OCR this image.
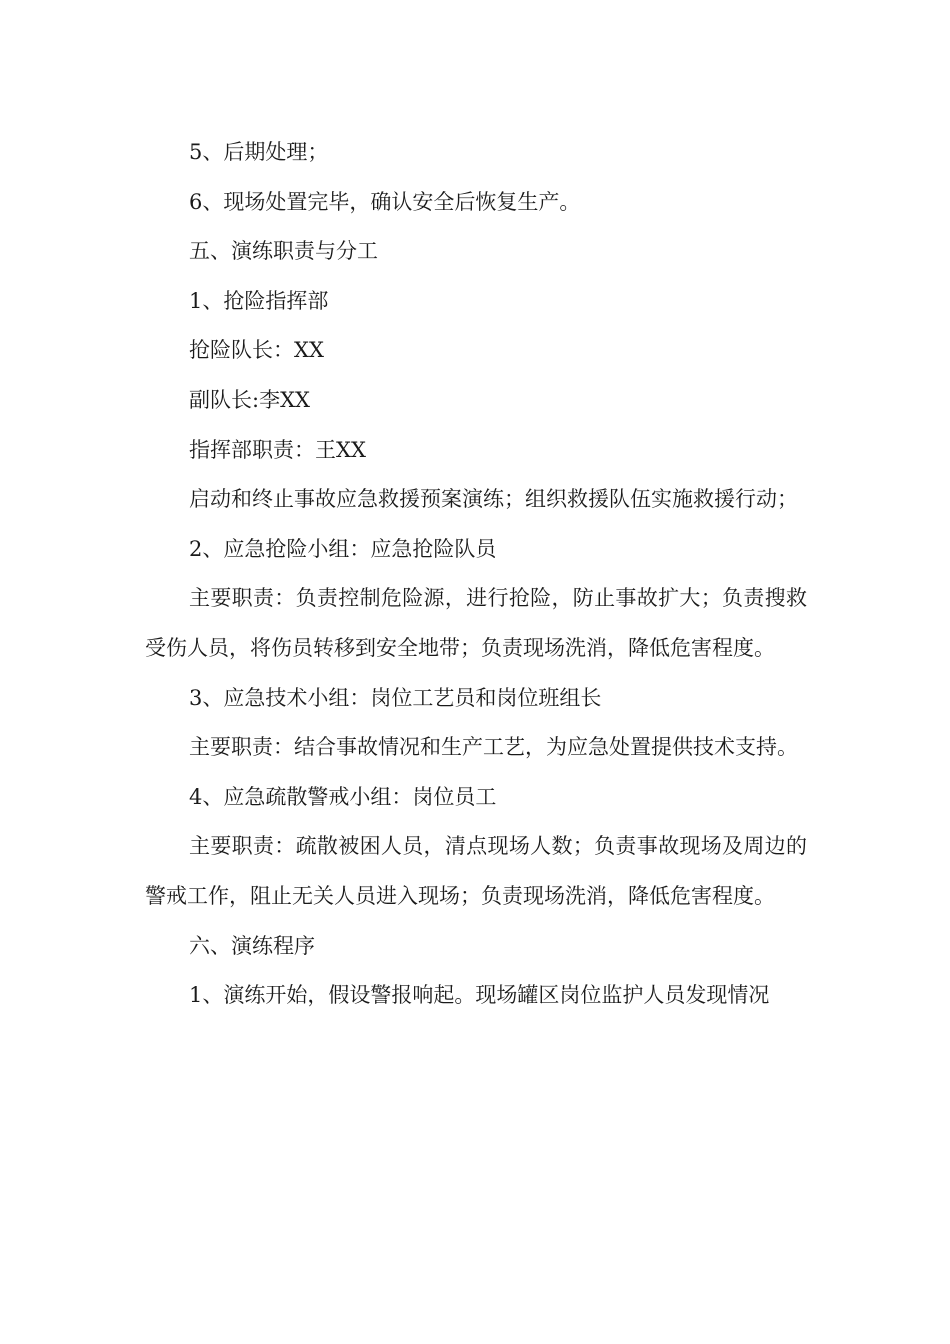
5、后期处理；

6、现场处置完毕，确认安全后恢复生产。

五、演练职责与分工

1、抢险指挥部

抢险队长：XX

副队长:李XX

指挥部职责：王XX

启动和终止事故应急救援预案演练；组织救援队伍实施救援行动；

2、应急抢险小组：应急抢险队员

主要职责：负责控制危险源，进行抢险，防止事故扩大；负责搜救受伤人员，将伤员转移到安全地带；负责现场洗消，降低危害程度。

3、应急技术小组：岗位工艺员和岗位班组长

主要职责：结合事故情况和生产工艺，为应急处置提供技术支持。

4、应急疏散警戒小组：岗位员工

主要职责：疏散被困人员，清点现场人数；负责事故现场及周边的警戒工作，阻止无关人员进入现场；负责现场洗消，降低危害程度。

六、演练程序

1、演练开始，假设警报响起。现场罐区岗位监护人员发现情况
